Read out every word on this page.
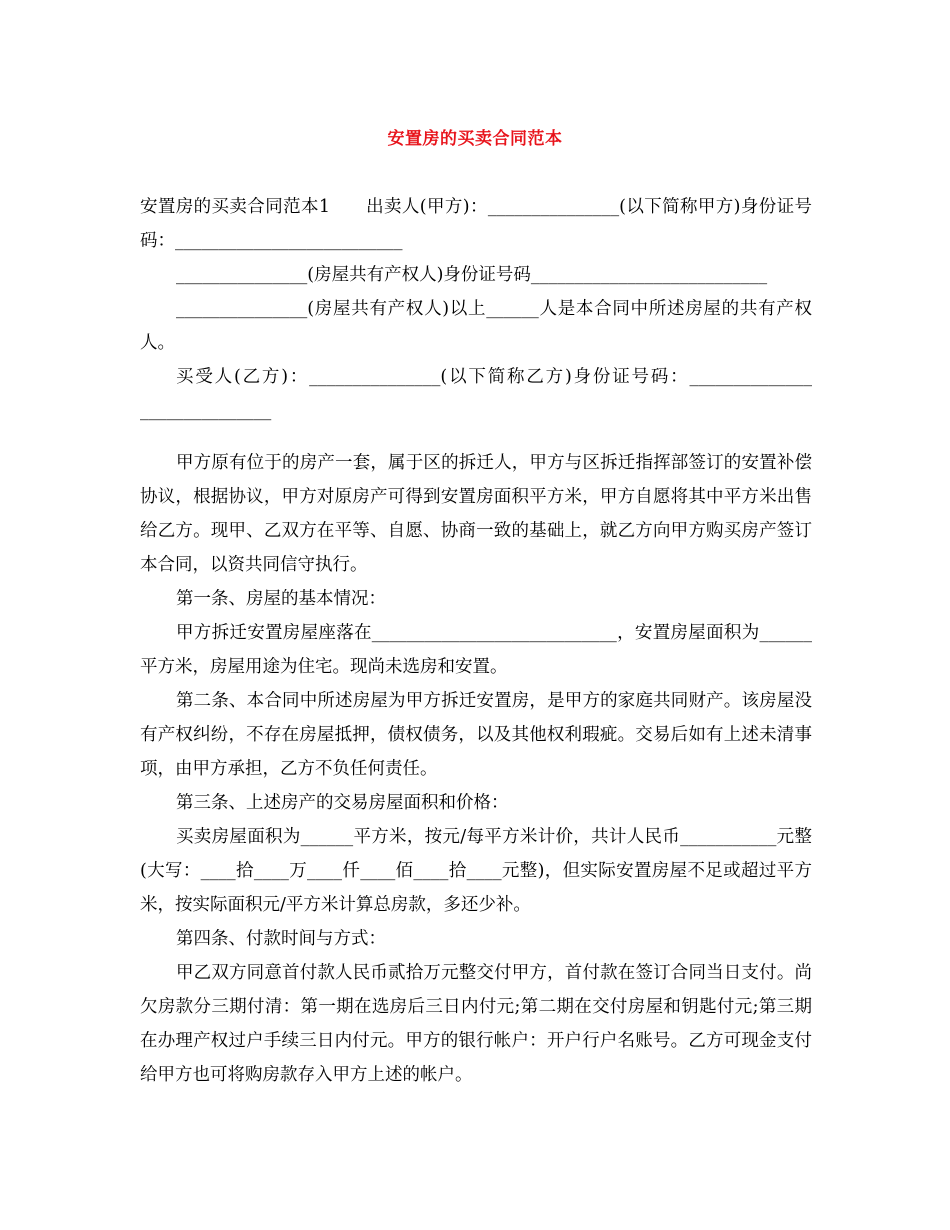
安置房的买卖合同范本

安置房的买卖合同范本1　　出卖人(甲方)：_______________(以下简称甲方)身份证号码：__________________________

_______________(房屋共有产权人)身份证号码___________________________

_______________(房屋共有产权人)以上______人是本合同中所述房屋的共有产权人。

买受人(乙方)：_______________(以下简称乙方)身份证号码：______________ _______________

甲方原有位于的房产一套，属于区的拆迁人，甲方与区拆迁指挥部签订的安置补偿协议，根据协议，甲方对原房产可得到安置房面积平方米，甲方自愿将其中平方米出售给乙方。现甲、乙双方在平等、自愿、协商一致的基础上，就乙方向甲方购买房产签订本合同，以资共同信守执行。

第一条、房屋的基本情况：

甲方拆迁安置房屋座落在____________________________，安置房屋面积为______平方米，房屋用途为住宅。现尚未选房和安置。

第二条、本合同中所述房屋为甲方拆迁安置房，是甲方的家庭共同财产。该房屋没有产权纠纷，不存在房屋抵押，债权债务，以及其他权利瑕疵。交易后如有上述未清事项，由甲方承担，乙方不负任何责任。

第三条、上述房产的交易房屋面积和价格：

买卖房屋面积为______平方米，按元/每平方米计价，共计人民币___________元整(大写：____拾____万____仟____佰____拾____元整)，但实际安置房屋不足或超过平方米，按实际面积元/平方米计算总房款，多还少补。

第四条、付款时间与方式：

甲乙双方同意首付款人民币贰拾万元整交付甲方，首付款在签订合同当日支付。尚欠房款分三期付清：第一期在选房后三日内付元;第二期在交付房屋和钥匙付元;第三期在办理产权过户手续三日内付元。甲方的银行帐户：开户行户名账号。乙方可现金支付给甲方也可将购房款存入甲方上述的帐户。
